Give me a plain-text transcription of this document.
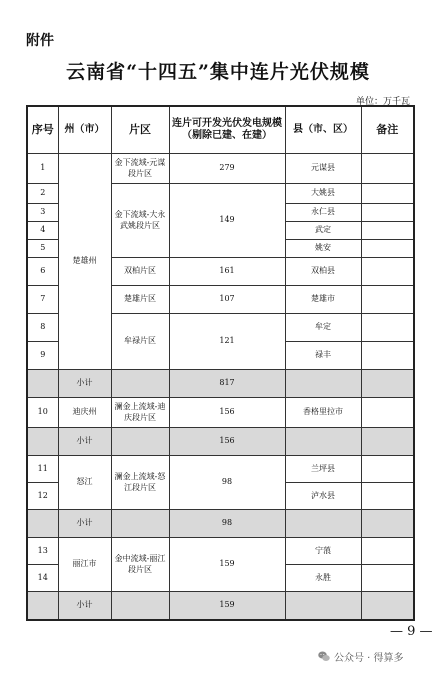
附件
云南省“十四五”集中连片光伏规模
单位：万千瓦
序号	州（市）	片区	连片可开发光伏发电规模（剔除已建、在建）	县（市、区）	备注
1	楚雄州	金下流域-元谋段片区	279	元谋县	
2		金下流域-大永武姚段片区	149	大姚县	
3				永仁县	
4				武定	
5				姚安	
6		双柏片区	161	双柏县	
7		楚雄片区	107	楚雄市	
8		牟禄片区	121	牟定	
9				禄丰	
	小计		817		
10	迪庆州	澜金上流域-迪庆段片区	156	香格里拉市	
	小计		156		
11	怒江	澜金上流域-怒江段片区	98	兰坪县	
12				泸水县	
	小计		98		
13	丽江市	金中流域-丽江段片区	159	宁蒗	
14				永胜	
	小计		159		
— 9 —
公众号 · 得算多
